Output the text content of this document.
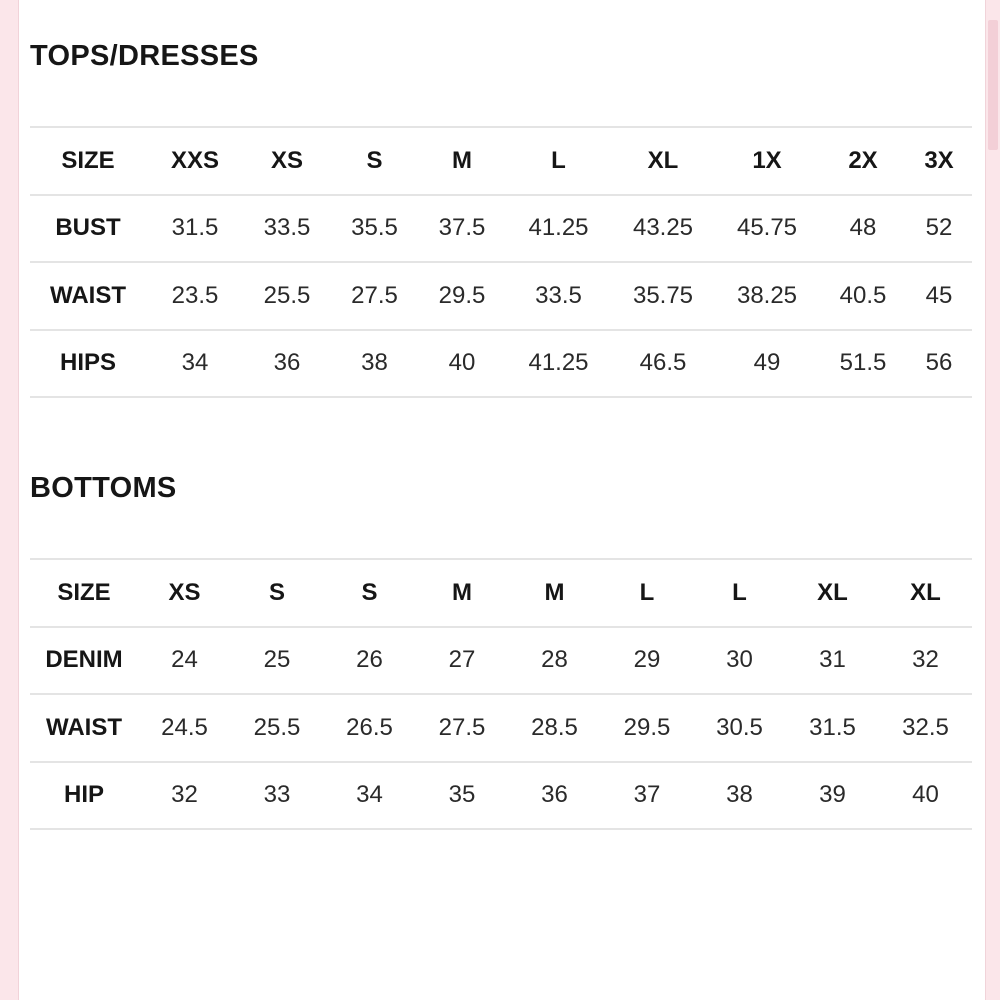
TOPS/DRESSES
SIZE	XXS	XS	S	M	L	XL	1X	2X	3X
BUST	31.5	33.5	35.5	37.5	41.25	43.25	45.75	48	52
WAIST	23.5	25.5	27.5	29.5	33.5	35.75	38.25	40.5	45
HIPS	34	36	38	40	41.25	46.5	49	51.5	56
BOTTOMS
SIZE	XS	S	S	M	M	L	L	XL	XL
DENIM	24	25	26	27	28	29	30	31	32
WAIST	24.5	25.5	26.5	27.5	28.5	29.5	30.5	31.5	32.5
HIP	32	33	34	35	36	37	38	39	40
